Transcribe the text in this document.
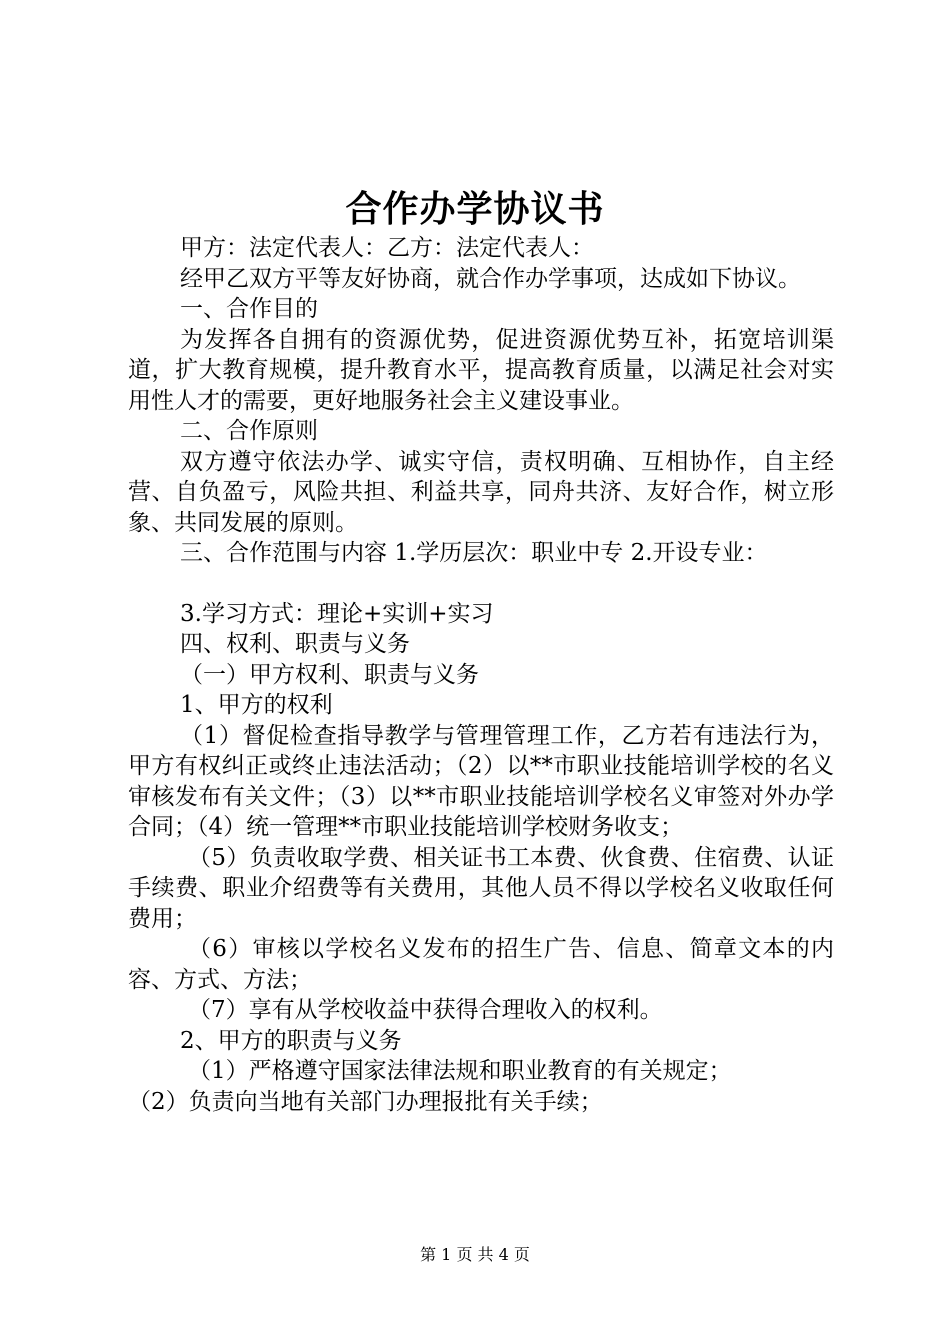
合作办学协议书

甲方：法定代表人：乙方：法定代表人：

经甲乙双方平等友好协商，就合作办学事项，达成如下协议。

一、合作目的

为发挥各自拥有的资源优势，促进资源优势互补，拓宽培训渠道，扩大教育规模，提升教育水平，提高教育质量，以满足社会对实用性人才的需要，更好地服务社会主义建设事业。

二、合作原则

双方遵守依法办学、诚实守信，责权明确、互相协作，自主经营、自负盈亏，风险共担、利益共享，同舟共济、友好合作，树立形象、共同发展的原则。

三、合作范围与内容 1.学历层次：职业中专 2.开设专业：

3.学习方式：理论+实训+实习

四、权利、职责与义务

（一）甲方权利、职责与义务

1、甲方的权利

（1）督促检查指导教学与管理管理工作，乙方若有违法行为，甲方有权纠正或终止违法活动；（2）以**市职业技能培训学校的名义审核发布有关文件；（3）以**市职业技能培训学校名义审签对外办学合同；（4）统一管理**市职业技能培训学校财务收支；

（5）负责收取学费、相关证书工本费、伙食费、住宿费、认证手续费、职业介绍费等有关费用，其他人员不得以学校名义收取任何费用；

（6）审核以学校名义发布的招生广告、信息、简章文本的内容、方式、方法；

（7）享有从学校收益中获得合理收入的权利。

2、甲方的职责与义务

（1）严格遵守国家法律法规和职业教育的有关规定；

（2）负责向当地有关部门办理报批有关手续；

第 1 页 共 4 页
